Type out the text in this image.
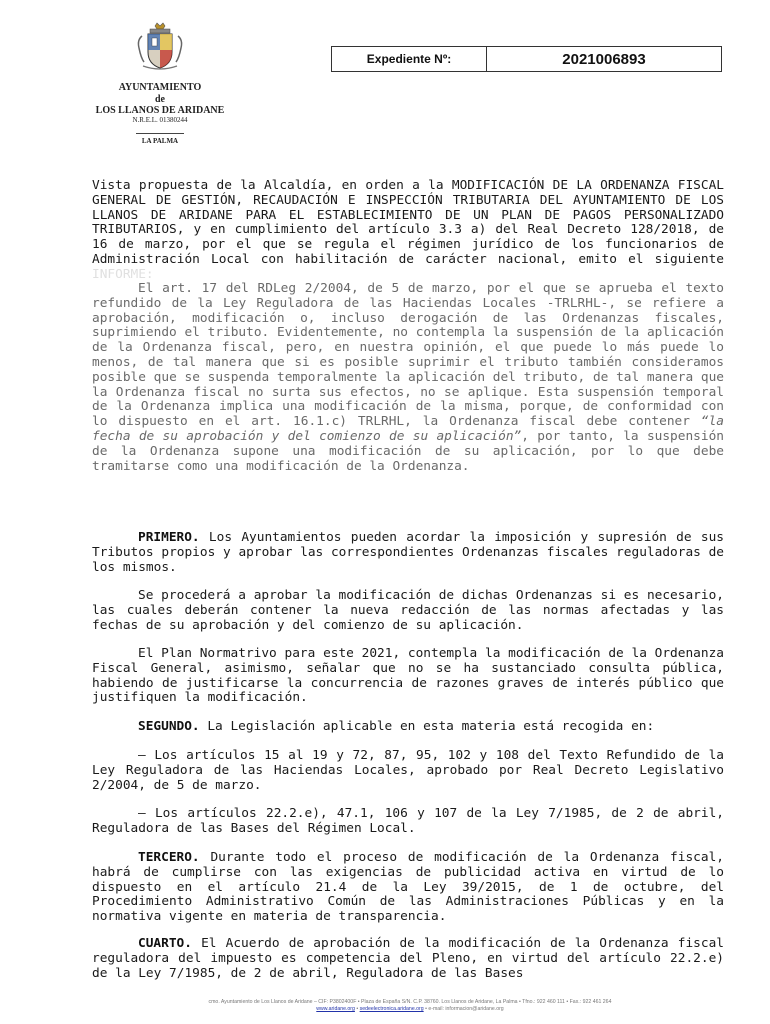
AYUNTAMIENTO
de
LOS LLANOS DE ARIDANE
N.R.E.L. 01380244
LA PALMA
Expediente Nº:	2021006893

Vista propuesta de la Alcaldía, en orden a la MODIFICACIÓN DE LA ORDENANZA FISCAL GENERAL DE GESTIÓN, RECAUDACIÓN E INSPECCIÓN TRIBUTARIA DEL AYUNTAMIENTO DE LOS LLANOS DE ARIDANE PARA EL ESTABLECIMIENTO DE UN PLAN DE PAGOS PERSONALIZADO TRIBUTARIOS, y en cumplimiento del artículo 3.3 a) del Real Decreto 128/2018, de 16 de marzo, por el que se regula el régimen jurídico de los funcionarios de Administración Local con habilitación de carácter nacional, emito el siguiente INFORME:

El art. 17 del RDLeg 2/2004, de 5 de marzo, por el que se aprueba el texto refundido de la Ley Reguladora de las Haciendas Locales -TRLRHL-, se refiere a aprobación, modificación o, incluso derogación de las Ordenanzas fiscales, suprimiendo el tributo. Evidentemente, no contempla la suspensión de la aplicación de la Ordenanza fiscal, pero, en nuestra opinión, el que puede lo más puede lo menos, de tal manera que si es posible suprimir el tributo también consideramos posible que se suspenda temporalmente la aplicación del tributo, de tal manera que la Ordenanza fiscal no surta sus efectos, no se aplique. Esta suspensión temporal de la Ordenanza implica una modificación de la misma, porque, de conformidad con lo dispuesto en el art. 16.1.c) TRLRHL, la Ordenanza fiscal debe contener “la fecha de su aprobación y del comienzo de su aplicación”, por tanto, la suspensión de la Ordenanza supone una modificación de su aplicación, por lo que debe tramitarse como una modificación de la Ordenanza.

PRIMERO. Los Ayuntamientos pueden acordar la imposición y supresión de sus Tributos propios y aprobar las correspondientes Ordenanzas fiscales reguladoras de los mismos.

Se procederá a aprobar la modificación de dichas Ordenanzas si es necesario, las cuales deberán contener la nueva redacción de las normas afectadas y las fechas de su aprobación y del comienzo de su aplicación.

El Plan Normatrivo para este 2021, contempla la modificación de la Ordenanza Fiscal General, asimismo, señalar que no se ha sustanciado consulta pública, habiendo de justificarse la concurrencia de razones graves de interés público que justifiquen la modificación.

SEGUNDO. La Legislación aplicable en esta materia está recogida en:

— Los artículos 15 al 19 y 72, 87, 95, 102 y 108 del Texto Refundido de la Ley Reguladora de las Haciendas Locales, aprobado por Real Decreto Legislativo 2/2004, de 5 de marzo.

— Los artículos 22.2.e), 47.1, 106 y 107 de la Ley 7/1985, de 2 de abril, Reguladora de las Bases del Régimen Local.

TERCERO. Durante todo el proceso de modificación de la Ordenanza fiscal, habrá de cumplirse con las exigencias de publicidad activa en virtud de lo dispuesto en el artículo 21.4 de la Ley 39/2015, de 1 de octubre, del Procedimiento Administrativo Común de las Administraciones Públicas y en la normativa vigente en materia de transparencia.

CUARTO. El Acuerdo de aprobación de la modificación de la Ordenanza fiscal reguladora del impuesto es competencia del Pleno, en virtud del artículo 22.2.e) de la Ley 7/1985, de 2 de abril, Reguladora de las Bases

cmo. Ayuntamiento de Los Llanos de Aridane – CIF: P3802400F • Plaza de España S/N. C.P. 38760. Los Llanos de Aridane, La Palma • Tfno.: 922 460 111 • Fax.: 922 461 264
www.aridane.org • sedeelectronica.aridane.org • e-mail: informacion@aridane.org
